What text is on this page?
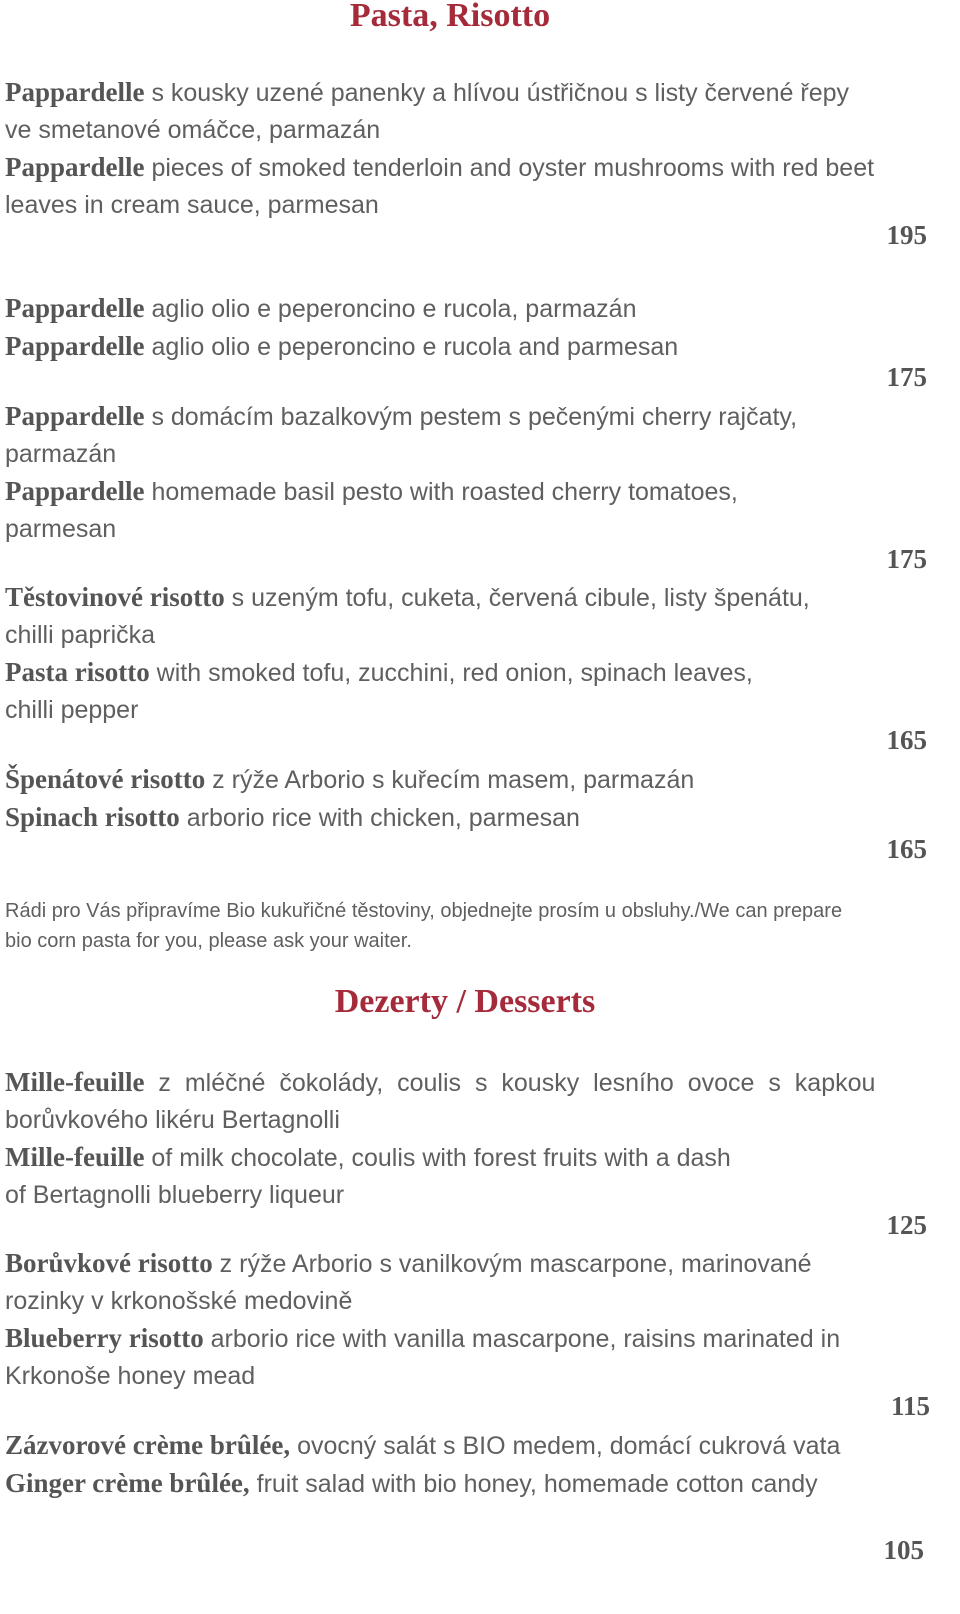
Pasta, Risotto
Pappardelle s kousky uzené panenky a hlívou ústřičnou s listy červené řepy
ve smetanové omáčce, parmazán
Pappardelle pieces of smoked tenderloin and oyster mushrooms with red beet
leaves in cream sauce, parmesan
195
Pappardelle aglio olio e peperoncino e rucola, parmazán
Pappardelle aglio olio e peperoncino e rucola and parmesan
175
Pappardelle s domácím bazalkovým pestem s pečenými cherry rajčaty,
parmazán
Pappardelle homemade basil pesto with roasted cherry tomatoes,
parmesan
175
Těstovinové risotto s uzeným tofu, cuketa, červená cibule, listy špenátu,
chilli paprička
Pasta risotto with smoked tofu, zucchini, red onion, spinach leaves,
chilli pepper
165
Špenátové risotto z rýže Arborio s kuřecím masem, parmazán
Spinach risotto arborio rice with chicken, parmesan
165
Rádi pro Vás připravíme Bio kukuřičné těstoviny, objednejte prosím u obsluhy./We can prepare
bio corn pasta for you, please ask your waiter.
Dezerty / Desserts
Mille-feuille z mléčné čokolády, coulis s kousky lesního ovoce s kapkou
borůvkového likéru Bertagnolli
Mille-feuille of milk chocolate, coulis with forest fruits with a dash
of Bertagnolli blueberry liqueur
125
Borůvkové risotto z rýže Arborio s vanilkovým mascarpone, marinované
rozinky v krkonošské medovině
Blueberry risotto arborio rice with vanilla mascarpone, raisins marinated in
Krkonoše honey mead
115
Zázvorové crème brûlée, ovocný salát s BIO medem, domácí cukrová vata
Ginger crème brûlée, fruit salad with bio honey, homemade cotton candy
105
